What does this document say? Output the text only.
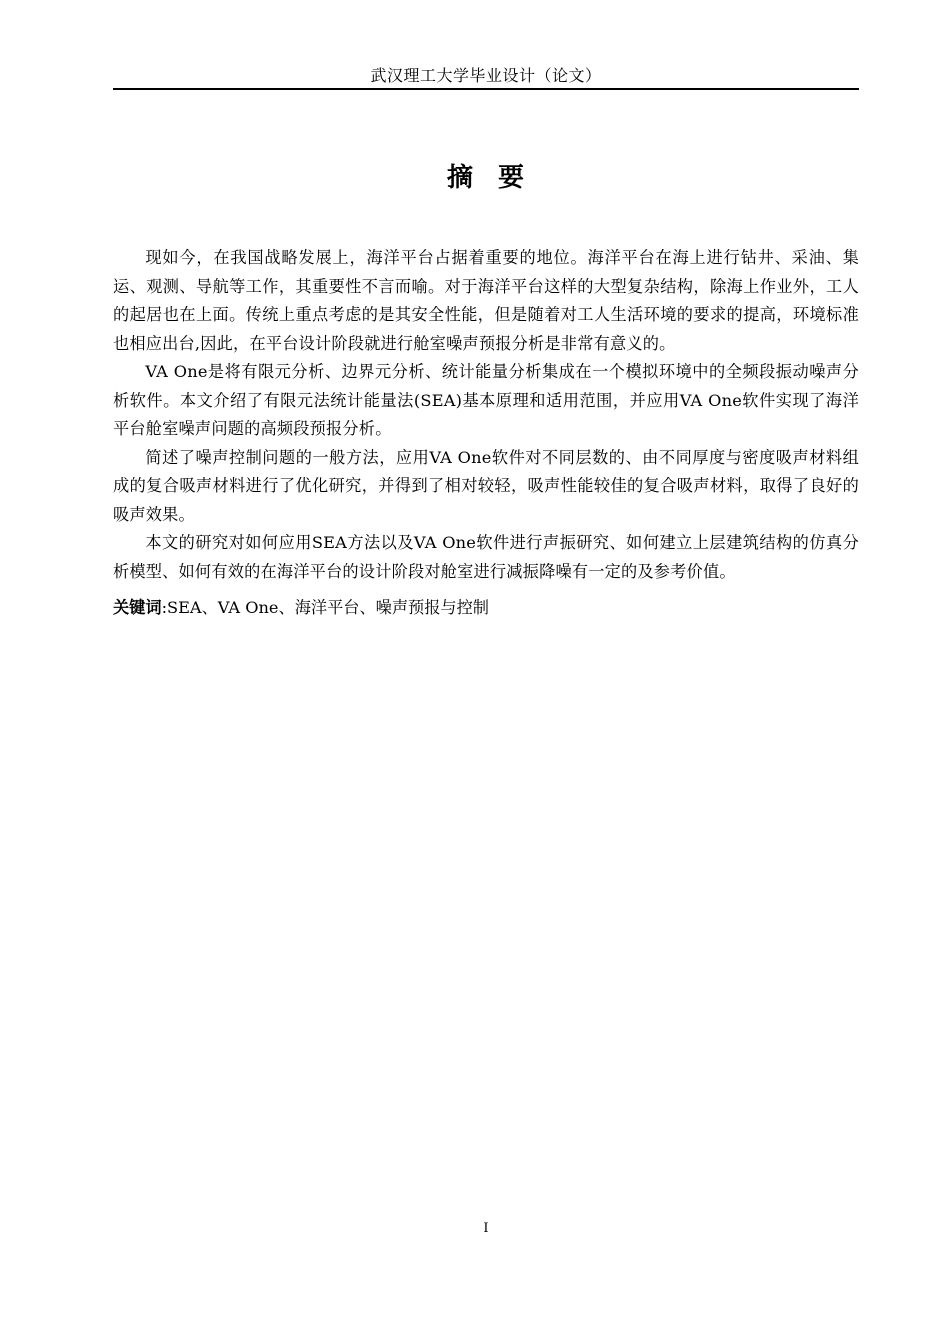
武汉理工大学毕业设计（论文）
摘 要

现如今，在我国战略发展上，海洋平台占据着重要的地位。海洋平台在海上进行钻井、采油、集运、观测、导航等工作，其重要性不言而喻。对于海洋平台这样的大型复杂结构，除海上作业外，工人的起居也在上面。传统上重点考虑的是其安全性能，但是随着对工人生活环境的要求的提高，环境标准也相应出台,因此，在平台设计阶段就进行舱室噪声预报分析是非常有意义的。

VA One是将有限元分析、边界元分析、统计能量分析集成在一个模拟环境中的全频段振动噪声分析软件。本文介绍了有限元法统计能量法(SEA)基本原理和适用范围，并应用VA One软件实现了海洋平台舱室噪声问题的高频段预报分析。

简述了噪声控制问题的一般方法，应用VA One软件对不同层数的、由不同厚度与密度吸声材料组成的复合吸声材料进行了优化研究，并得到了相对较轻，吸声性能较佳的复合吸声材料，取得了良好的吸声效果。

本文的研究对如何应用SEA方法以及VA One软件进行声振研究、如何建立上层建筑结构的仿真分析模型、如何有效的在海洋平台的设计阶段对舱室进行减振降噪有一定的及参考价值。

关键词:SEA、VA One、海洋平台、噪声预报与控制

I
